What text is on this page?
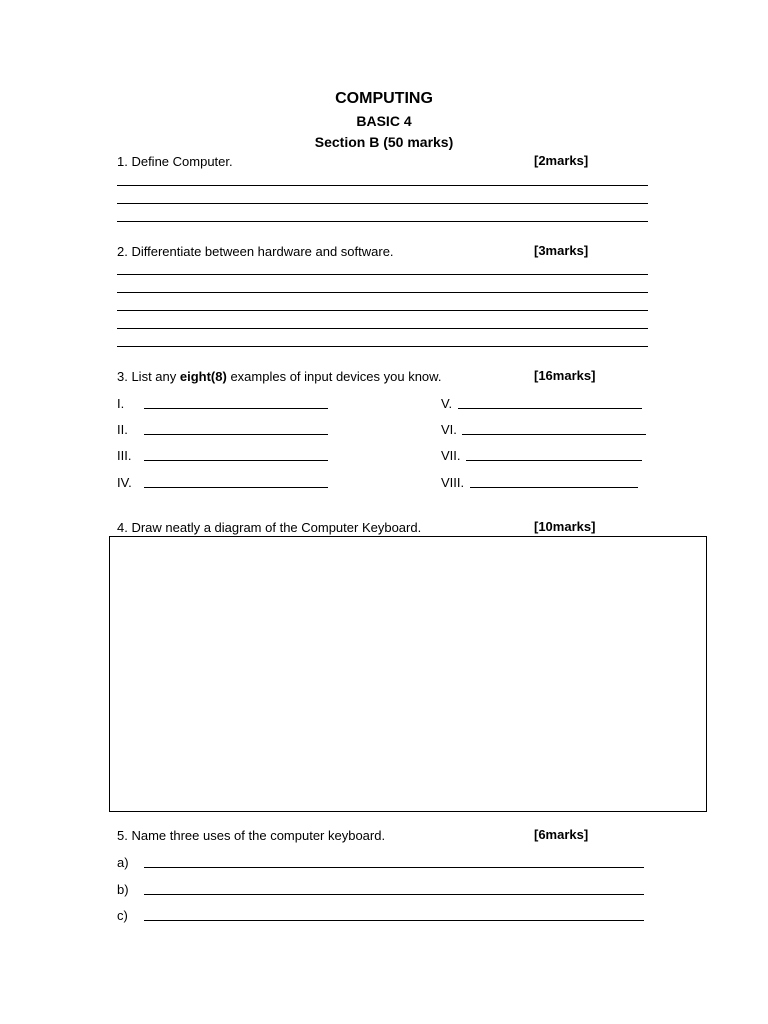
COMPUTING
BASIC 4
Section B (50 marks)
1. Define Computer.	[2marks]
2. Differentiate between hardware and software.	[3marks]
3. List any eight(8) examples of input devices you know.	[16marks]
I.
II.
III.
IV.
V.
VI.
VII.
VIII.
4. Draw neatly a diagram of the Computer Keyboard.	[10marks]
5. Name three uses of the computer keyboard.	[6marks]
a)
b)
c)
